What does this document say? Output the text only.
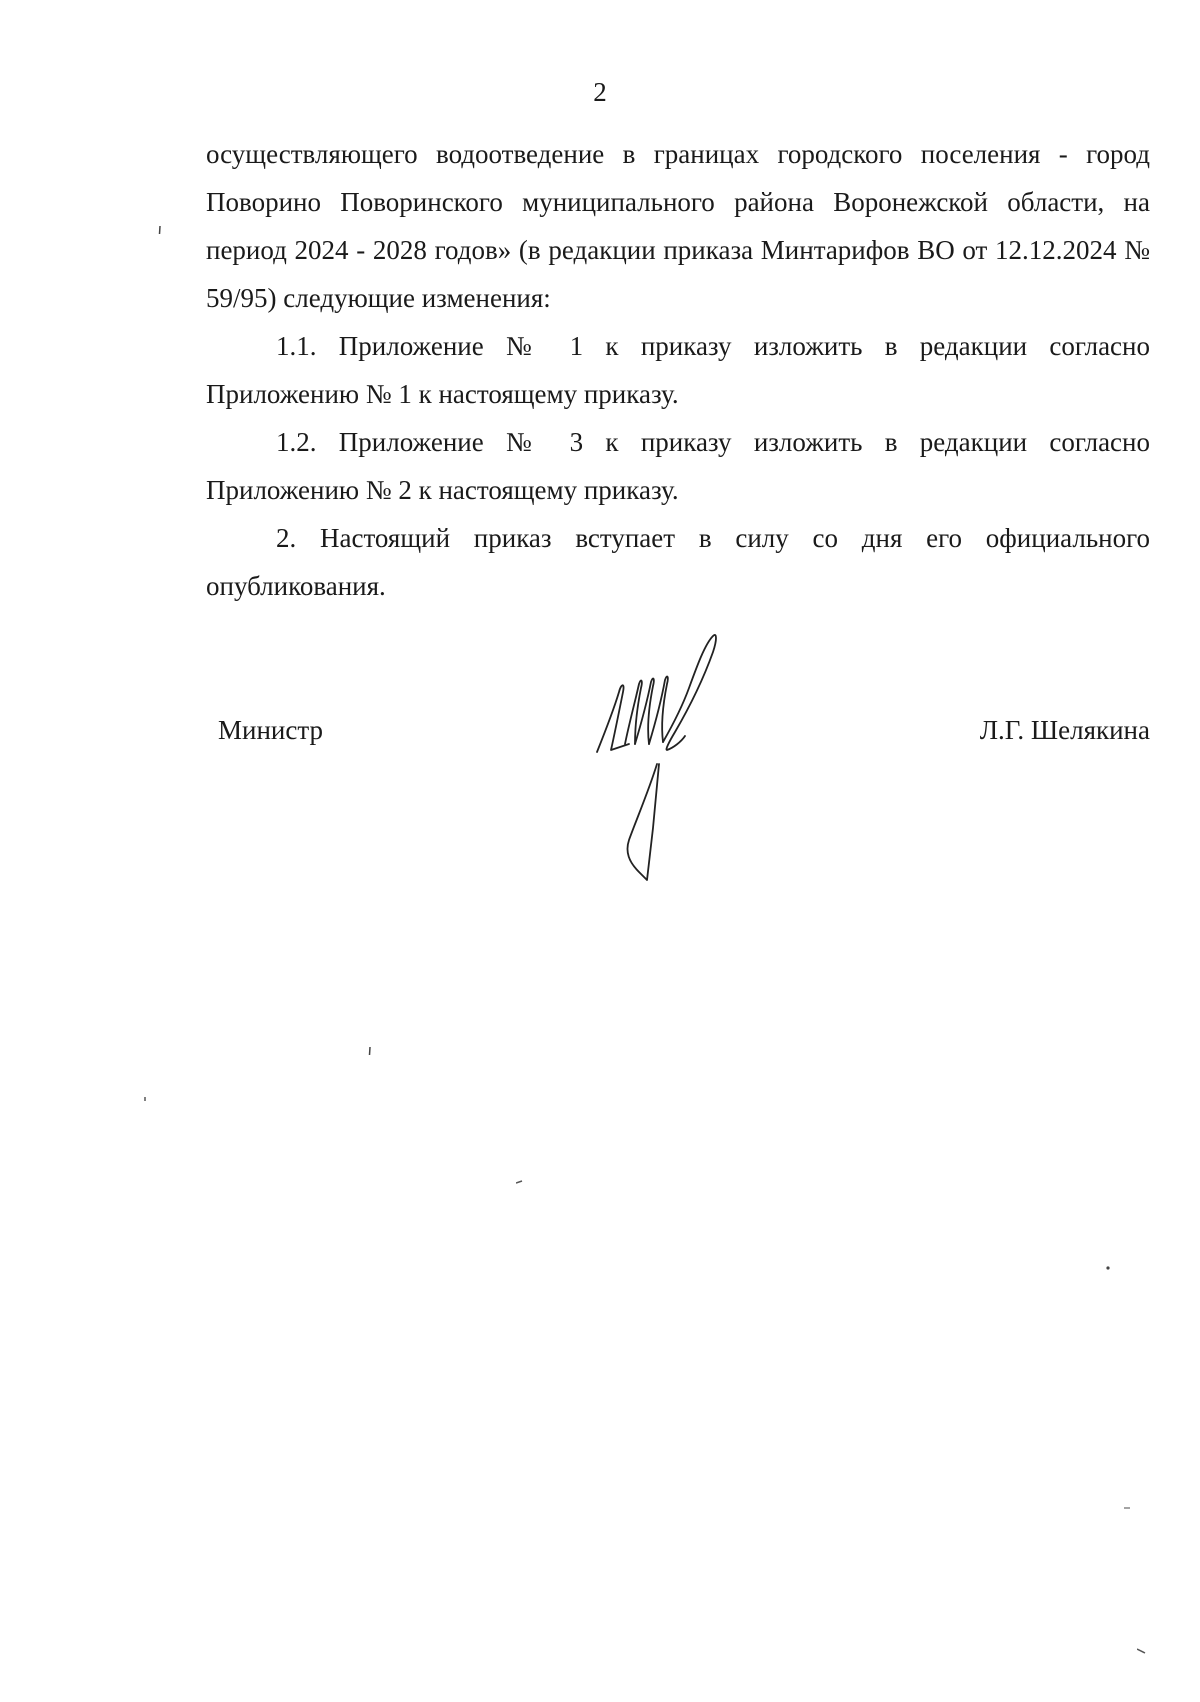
2

осуществляющего водоотведение в границах городского поселения - город Поворино Поворинского муниципального района Воронежской области, на период 2024 - 2028 годов» (в редакции приказа Минтарифов ВО от 12.12.2024 № 59/95) следующие изменения:

1.1. Приложение № 1 к приказу изложить в редакции согласно Приложению № 1 к настоящему приказу.

1.2. Приложение № 3 к приказу изложить в редакции согласно Приложению № 2 к настоящему приказу.

2. Настоящий приказ вступает в силу со дня его официального опубликования.

Министр	Л.Г. Шелякина
